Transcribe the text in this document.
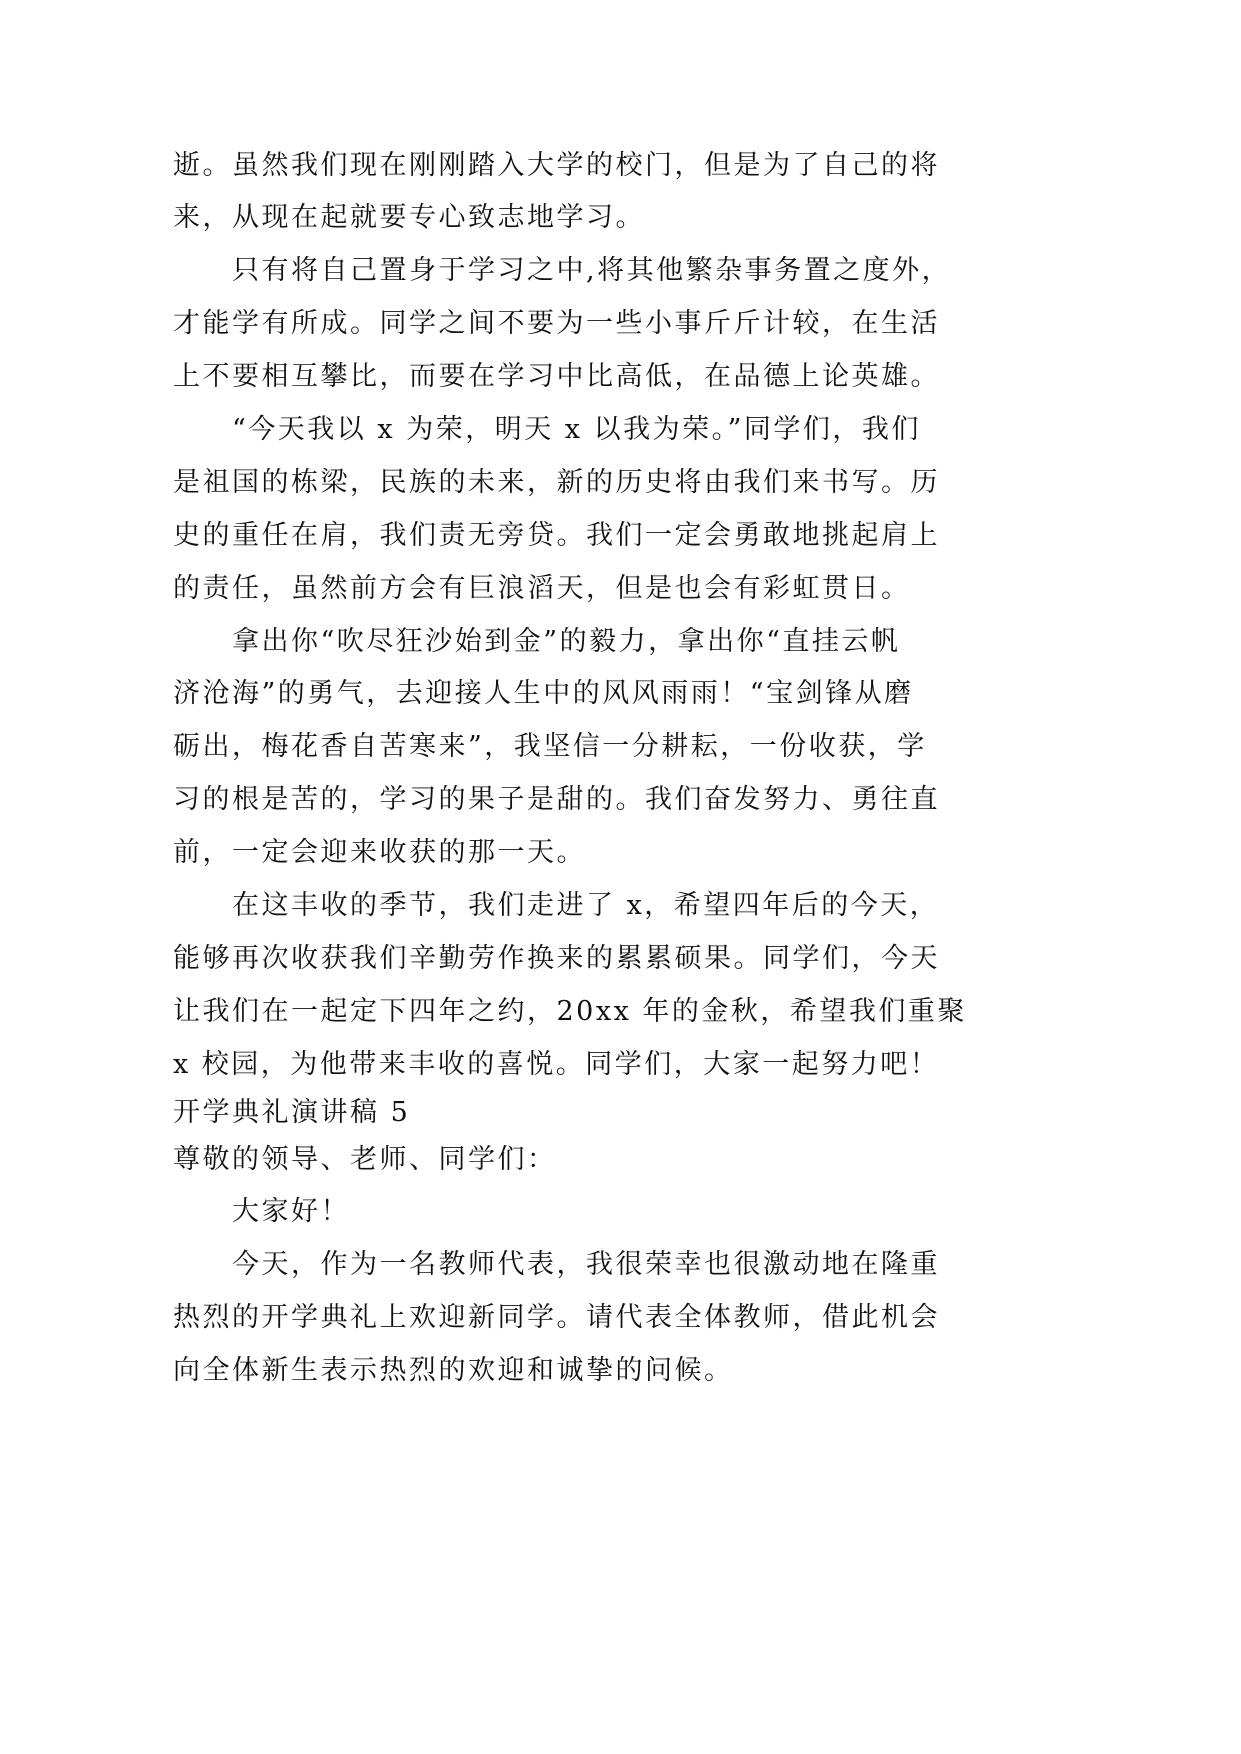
逝。虽然我们现在刚刚踏入大学的校门，但是为了自己的将
来，从现在起就要专心致志地学习。
只有将自己置身于学习之中,将其他繁杂事务置之度外，
才能学有所成。同学之间不要为一些小事斤斤计较，在生活
上不要相互攀比，而要在学习中比高低，在品德上论英雄。
“今天我以 x 为荣，明天 x 以我为荣。”同学们，我们
是祖国的栋梁，民族的未来，新的历史将由我们来书写。历
史的重任在肩，我们责无旁贷。我们一定会勇敢地挑起肩上
的责任，虽然前方会有巨浪滔天，但是也会有彩虹贯日。
拿出你“吹尽狂沙始到金”的毅力，拿出你“直挂云帆
济沧海”的勇气，去迎接人生中的风风雨雨！“宝剑锋从磨
砺出，梅花香自苦寒来”，我坚信一分耕耘，一份收获，学
习的根是苦的，学习的果子是甜的。我们奋发努力、勇往直
前，一定会迎来收获的那一天。
在这丰收的季节，我们走进了 x，希望四年后的今天，
能够再次收获我们辛勤劳作换来的累累硕果。同学们，今天
让我们在一起定下四年之约，20xx 年的金秋，希望我们重聚
x 校园，为他带来丰收的喜悦。同学们，大家一起努力吧！
开学典礼演讲稿 5
尊敬的领导、老师、同学们：
大家好！
今天，作为一名教师代表，我很荣幸也很激动地在隆重
热烈的开学典礼上欢迎新同学。请代表全体教师，借此机会
向全体新生表示热烈的欢迎和诚挚的问候。
